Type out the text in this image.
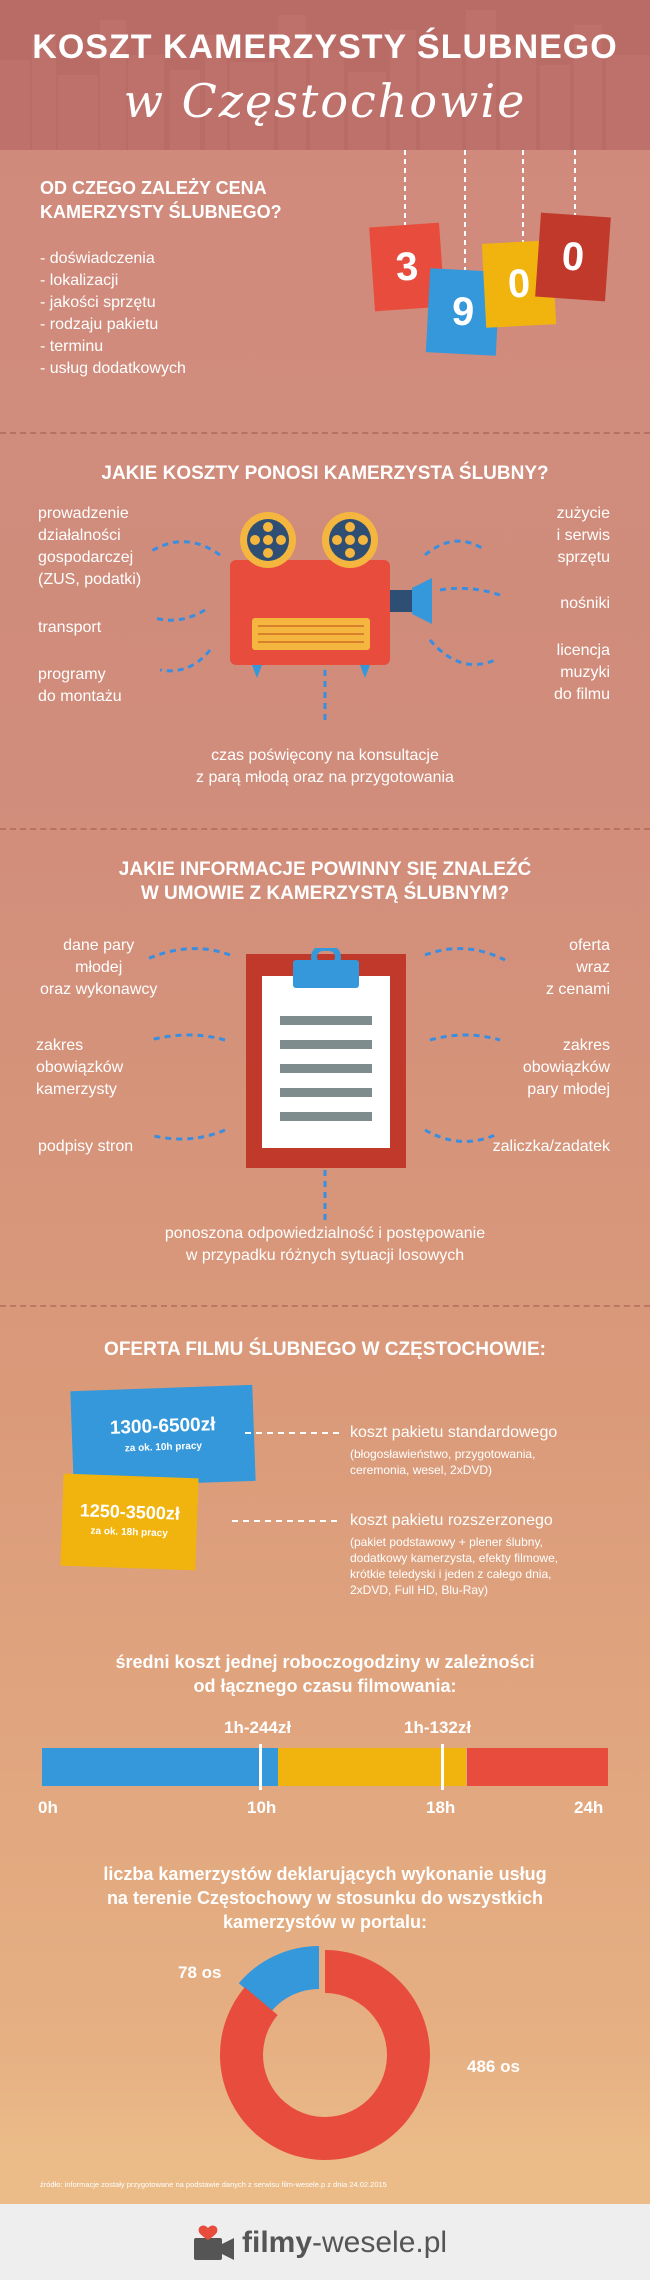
KOSZT KAMERZYSTY ŚLUBNEGO
w Częstochowie
OD CZEGO ZALEŻY CENA
KAMERZYSTY ŚLUBNEGO?
- doświadczenia
- lokalizacji
- jakości sprzętu
- rodzaju pakietu
- terminu
- usług dodatkowych
3
9
0
0
JAKIE KOSZTY PONOSI KAMERZYSTA ŚLUBNY?
prowadzenie
działalności
gospodarczej
(ZUS, podatki)
transport
programy
do montażu
zużycie
i serwis
sprzętu
nośniki
licencja
muzyki
do filmu
czas poświęcony na konsultacje
z parą młodą oraz na przygotowania
JAKIE INFORMACJE POWINNY SIĘ ZNALEŹĆ
W UMOWIE Z KAMERZYSTĄ ŚLUBNYM?
dane pary
młodej
oraz wykonawcy
zakres
obowiązków
kamerzysty
podpisy stron
oferta
wraz
z cenami
zakres
obowiązków
pary młodej
zaliczka/zadatek
ponoszona odpowiedzialność i postępowanie
w przypadku różnych sytuacji losowych
OFERTA FILMU ŚLUBNEGO W CZĘSTOCHOWIE:
1300-6500zł
za ok. 10h pracy
1250-3500zł
za ok. 18h pracy
koszt pakietu standardowego
(błogosławieństwo, przygotowania,
ceremonia, wesel, 2xDVD)
koszt pakietu rozszerzonego
(pakiet podstawowy + plener ślubny,
dodatkowy kamerzysta, efekty filmowe,
krótkie teledyski i jeden z całego dnia,
2xDVD, Full HD, Blu-Ray)
średni koszt jednej roboczogodziny w zależności
od łącznego czasu filmowania:
1h-244zł	1h-132zł
0h	10h	18h	24h
liczba kamerzystów deklarujących wykonanie usług
na terenie Częstochowy w stosunku do wszystkich
kamerzystów w portalu:
78 os
486 os
źródło: informacje zostały przygotowane na podstawie danych z serwisu film-wesele.p z dnia 24.02.2015
filmy-wesele.pl
